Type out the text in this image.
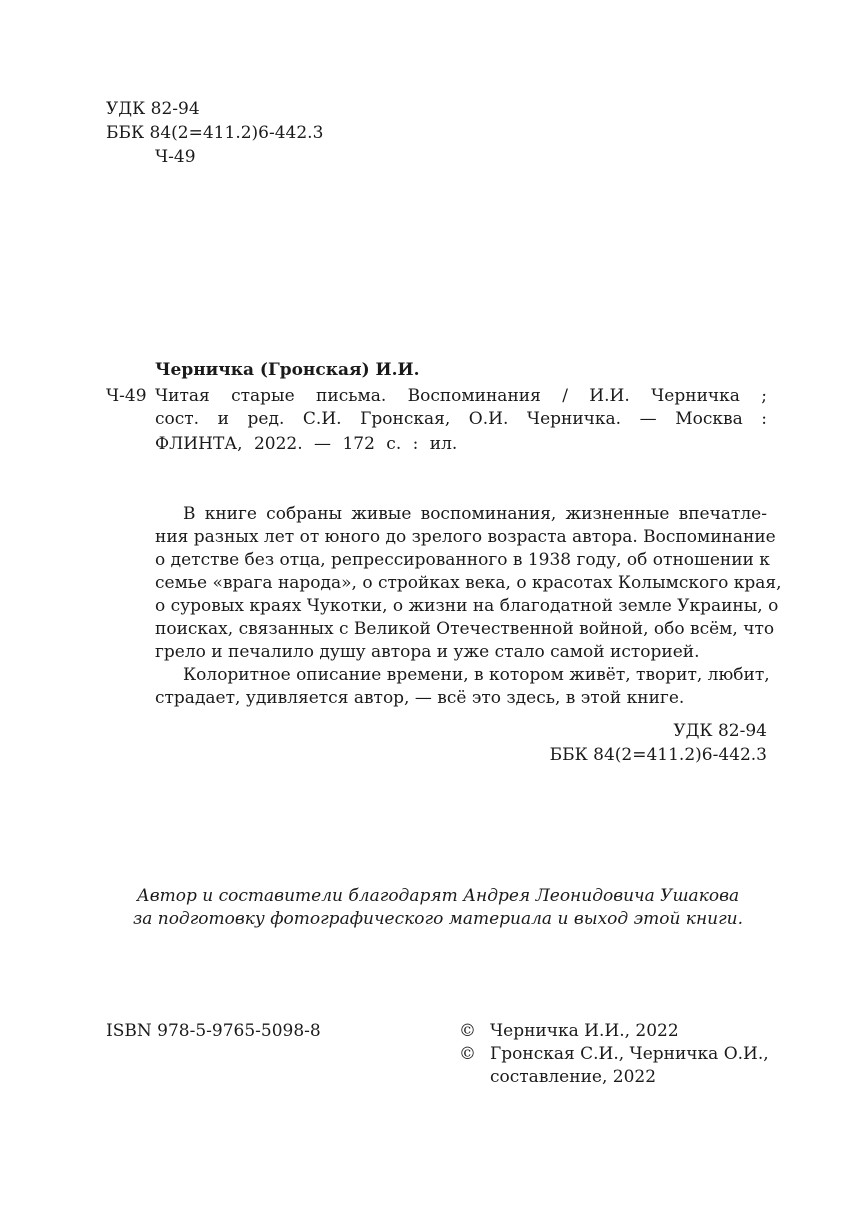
УДК 82-94
ББК 84(2=411.2)6-442.3
Ч-49
Черничка (Гронская) И.И.
Ч-49 Читая старые письма. Воспоминания / И.И. Черничка ;
сост. и ред. С.И. Гронская, О.И. Черничка. — Москва :
ФЛИНТА, 2022. — 172 с. : ил.
В книге собраны живые воспоминания, жизненные впечатле-
ния разных лет от юного до зрелого возраста автора. Воспоминание
о детстве без отца, репрессированного в 1938 году, об отношении к
семье «врага народа», о стройках века, о красотах Колымского края,
о суровых краях Чукотки, о жизни на благодатной земле Украины, о
поисках, связанных с Великой Отечественной войной, обо всём, что
грело и печалило душу автора и уже стало самой историей.
Колоритное описание времени, в котором живёт, творит, любит,
страдает, удивляется автор, — всё это здесь, в этой книге.
УДК 82-94
ББК 84(2=411.2)6-442.3
Автор и составители благодарят Андрея Леонидовича Ушакова
за подготовку фотографического материала и выход этой книги.
ISBN 978-5-9765-5098-8	© Черничка И.И., 2022
© Гронская С.И., Черничка О.И.,
составление, 2022
